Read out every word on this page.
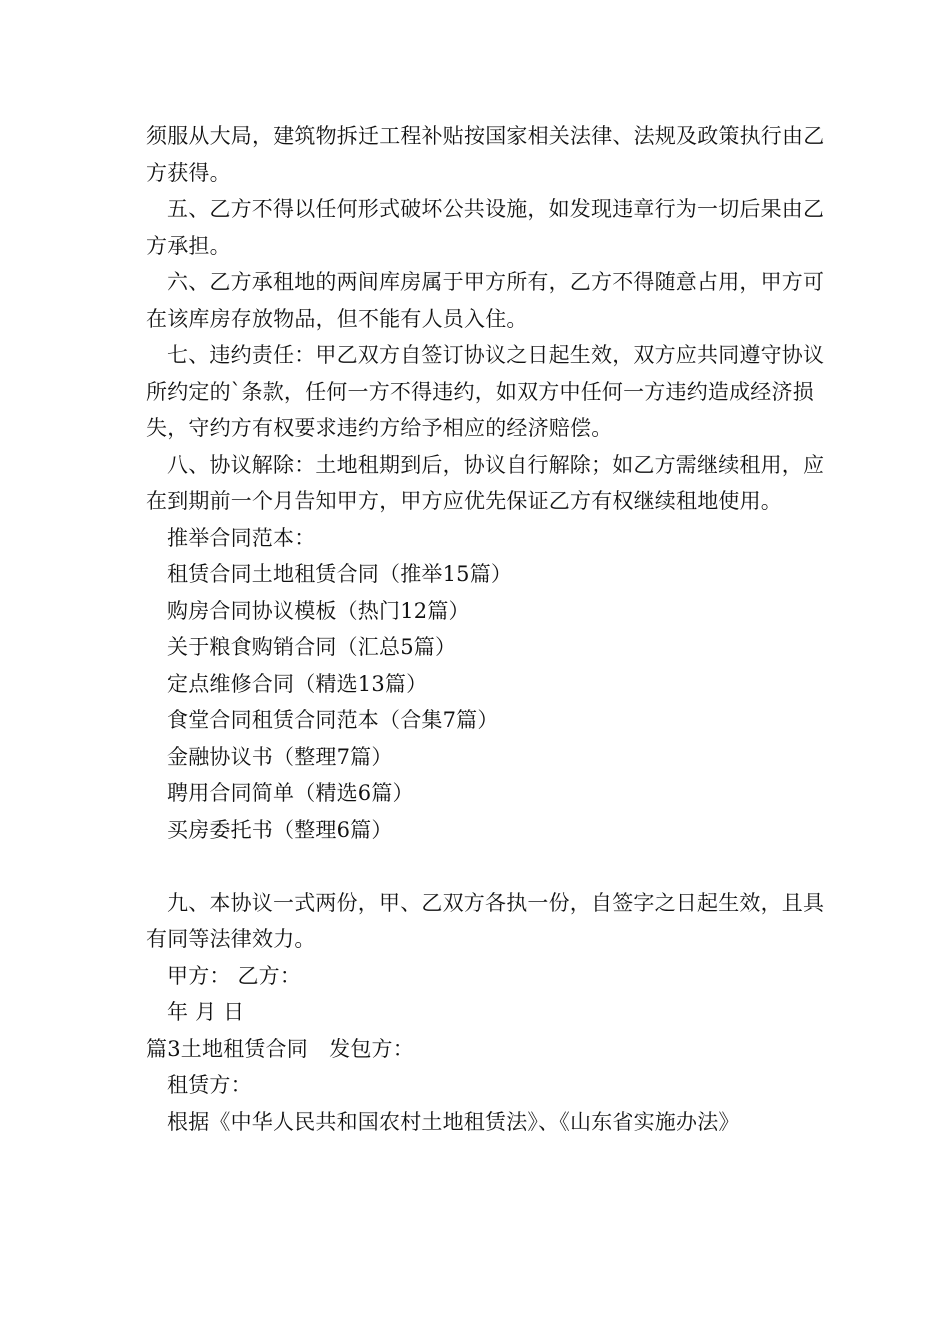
须服从大局，建筑物拆迁工程补贴按国家相关法律、法规及政策执行由乙方获得。

五、乙方不得以任何形式破坏公共设施，如发现违章行为一切后果由乙方承担。

六、乙方承租地的两间库房属于甲方所有，乙方不得随意占用，甲方可在该库房存放物品，但不能有人员入住。

七、违约责任：甲乙双方自签订协议之日起生效，双方应共同遵守协议所约定的`条款，任何一方不得违约，如双方中任何一方违约造成经济损失，守约方有权要求违约方给予相应的经济赔偿。

八、协议解除：土地租期到后，协议自行解除；如乙方需继续租用，应在到期前一个月告知甲方，甲方应优先保证乙方有权继续租地使用。

推举合同范本：

租赁合同土地租赁合同（推举15篇）

购房合同协议模板（热门12篇）

关于粮食购销合同（汇总5篇）

定点维修合同（精选13篇）

食堂合同租赁合同范本（合集7篇）

金融协议书（整理7篇）

聘用合同简单（精选6篇）

买房委托书（整理6篇）

九、本协议一式两份，甲、乙双方各执一份，自签字之日起生效，且具有同等法律效力。

甲方： 乙方：

年 月 日

篇3土地租赁合同　发包方：

租赁方：

根据《中华人民共和国农村土地租赁法》、《山东省实施办法》
